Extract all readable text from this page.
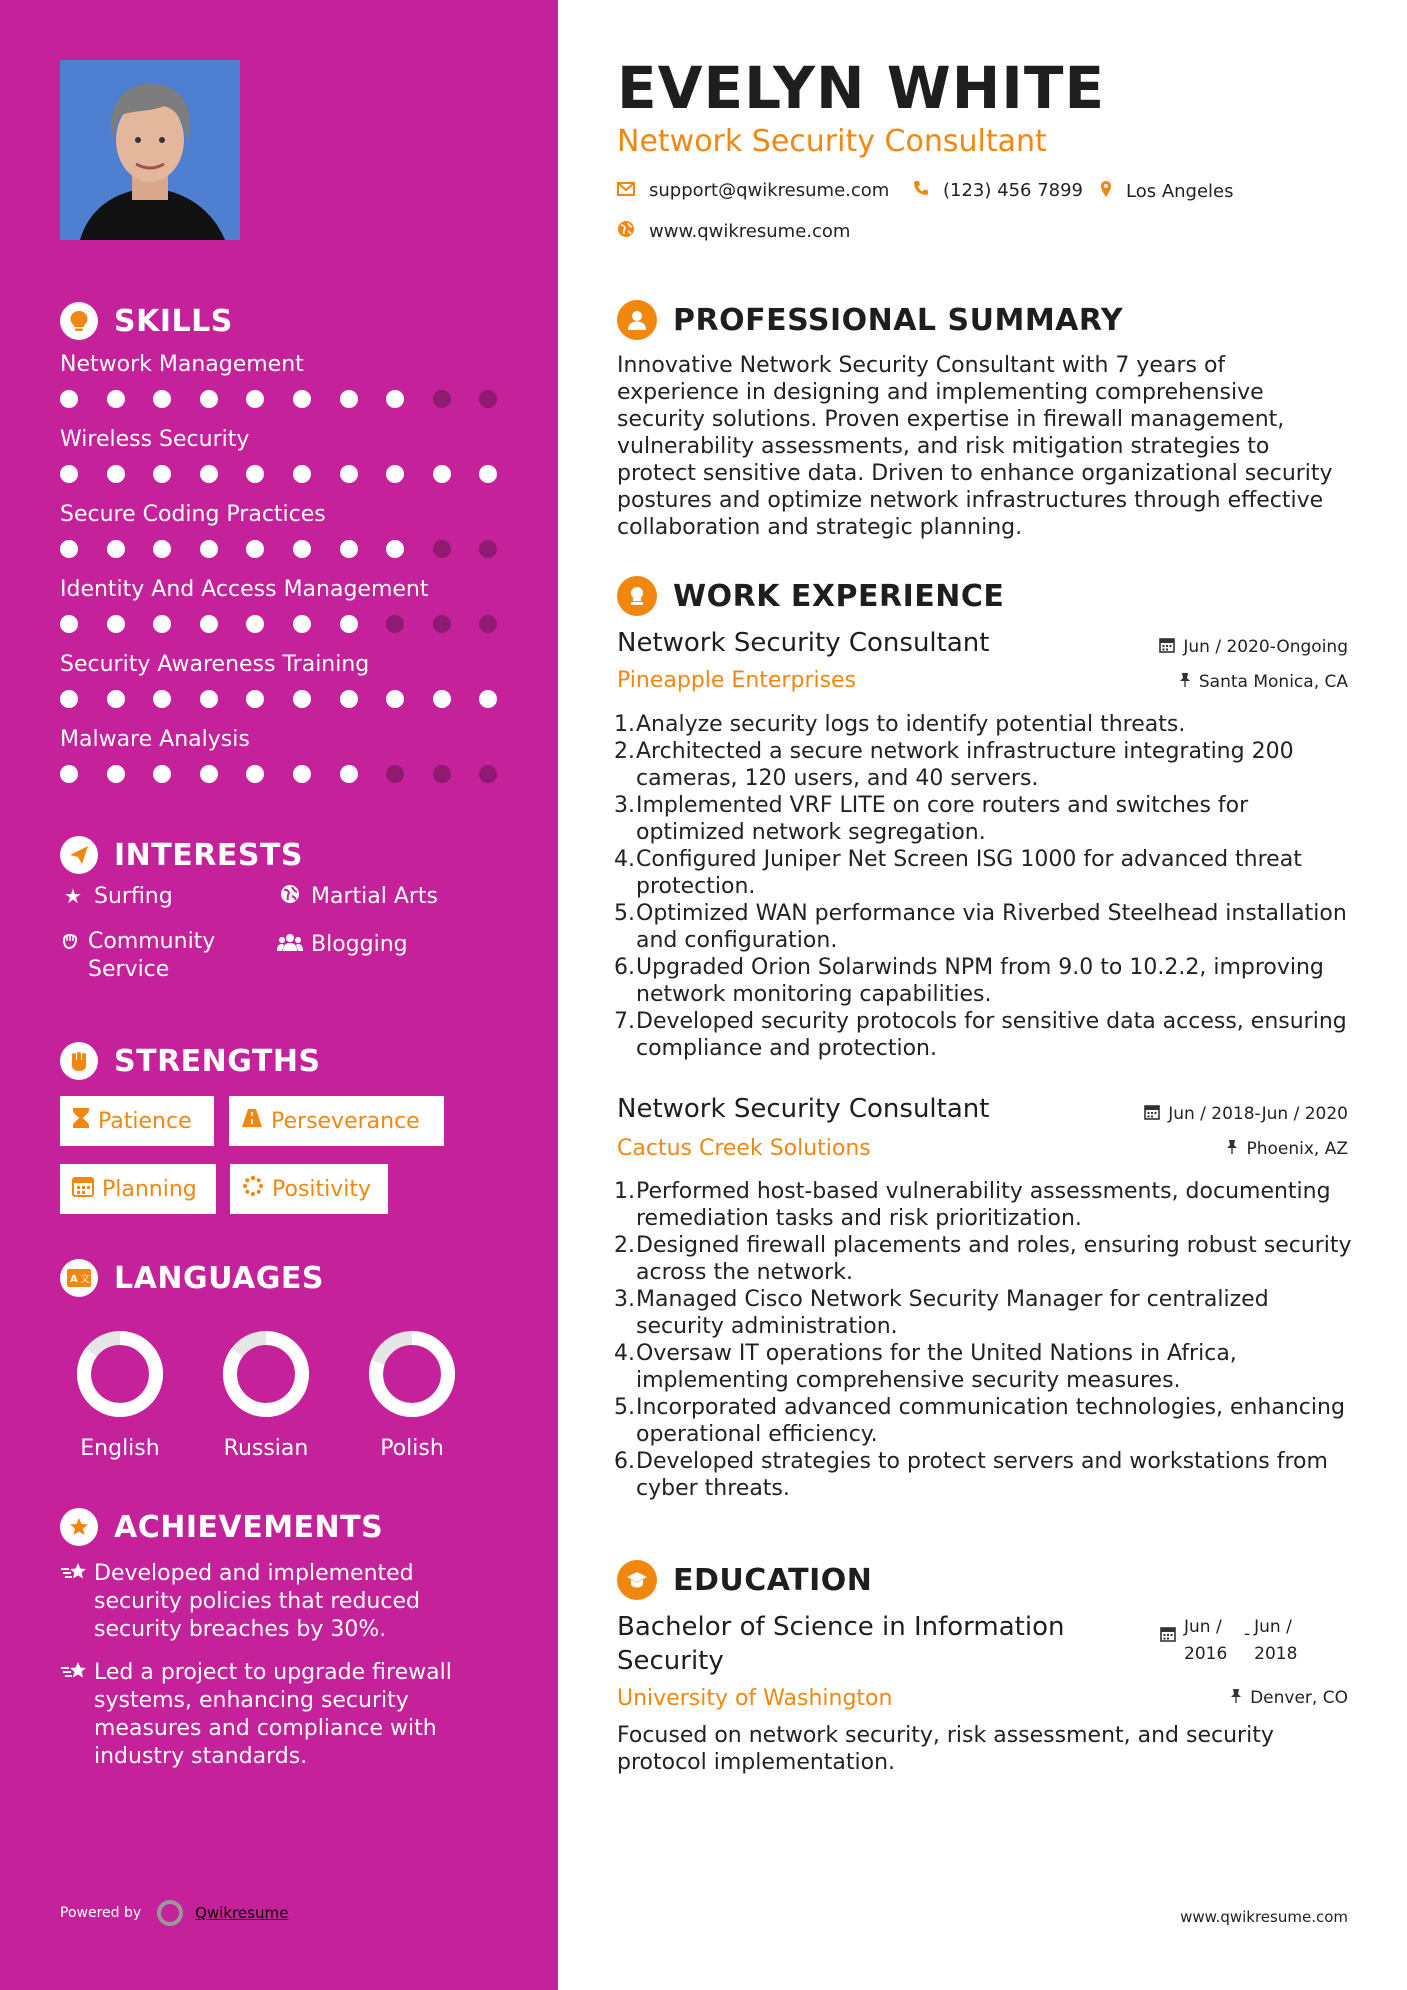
SKILLS
Network Management
Wireless Security
Secure Coding Practices
Identity And Access Management
Security Awareness Training
Malware Analysis
INTERESTS
★ Surfing	Martial Arts
Community Service
Blogging
STRENGTHS
Patience	Perseverance
Planning	Positivity
A 文 LANGUAGES
English	Russian	Polish
ACHIEVEMENTS
Developed and implemented security policies that reduced security breaches by 30%.
Led a project to upgrade firewall systems, enhancing security measures and compliance with industry standards.
Powered by	Qwikresume
EVELYN WHITE
Network Security Consultant
support@qwikresume.com	(123) 456 7899 Los Angeles
www.qwikresume.com
PROFESSIONAL SUMMARY
Innovative Network Security Consultant with 7 years of experience in designing and implementing comprehensive security solutions. Proven expertise in firewall management, vulnerability assessments, and risk mitigation strategies to protect sensitive data. Driven to enhance organizational security postures and optimize network infrastructures through effective collaboration and strategic planning.
WORK EXPERIENCE
Network Security Consultant
Pineapple Enterprises
Jun / 2020-Ongoing
Santa Monica, CA
1. Analyze security logs to identify potential threats.
2. Architected a secure network infrastructure integrating 200 cameras, 120 users, and 40 servers.
3. Implemented VRF LITE on core routers and switches for optimized network segregation.
4. Configured Juniper Net Screen ISG 1000 for advanced threat protection.
5. Optimized WAN performance via Riverbed Steelhead installation and configuration.
6. Upgraded Orion Solarwinds NPM from 9.0 to 10.2.2, improving network monitoring capabilities.
7. Developed security protocols for sensitive data access, ensuring compliance and protection.
Network Security Consultant
Cactus Creek Solutions
Jun / 2018-Jun / 2020
Phoenix, AZ
1. Performed host-based vulnerability assessments, documenting remediation tasks and risk prioritization.
2. Designed firewall placements and roles, ensuring robust security across the network.
3. Managed Cisco Network Security Manager for centralized security administration.
4. Oversaw IT operations for the United Nations in Africa, implementing comprehensive security measures.
5. Incorporated advanced communication technologies, enhancing operational efficiency.
6. Developed strategies to protect servers and workstations from cyber threats.
EDUCATION
Bachelor of Science in Information Security
University of Washington
Jun /
2016
- Jun /
2018
Denver, CO
Focused on network security, risk assessment, and security protocol implementation.
www.qwikresume.com
